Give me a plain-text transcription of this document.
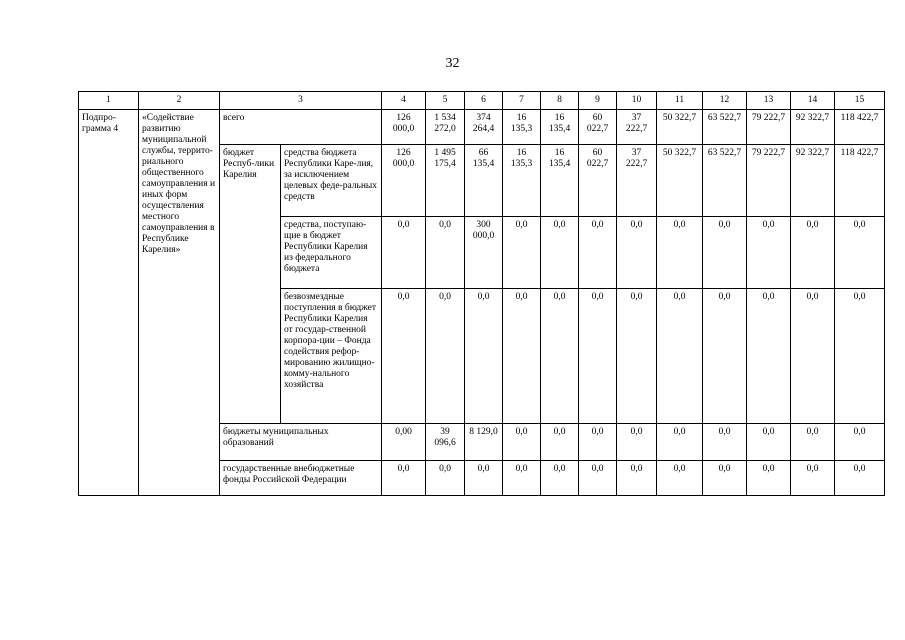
32
1	2	3		4	5	6	7	8	9	10	11	12	13	14	15
Подпро-грамма 4	«Содействие развитию муниципальной службы, террито-риального общественного самоуправления и иных форм осуществления местного самоуправления в Республике Карелия»	всего		126 000,0	1 534 272,0	374 264,4	16 135,3	16 135,4	60 022,7	37 222,7	50 322,7	63 522,7	79 222,7	92 322,7	118 422,7
		бюджет Респуб-лики Карелия	средства бюджета Республики Каре-лия, за исключением целевых феде-ральных средств	126 000,0	1 495 175,4	66 135,4	16 135,3	16 135,4	60 022,7	37 222,7	50 322,7	63 522,7	79 222,7	92 322,7	118 422,7
			средства, поступаю-щие в бюджет Республики Карелия из федерального бюджета	0,0	0,0	300 000,0	0,0	0,0	0,0	0,0	0,0	0,0	0,0	0,0	0,0
			безвозмездные поступления в бюджет Республики Карелия от государ-ственной корпора-ции – Фонда содействия рефор-мированию жилищно-комму-нального хозяйства	0,0	0,0	0,0	0,0	0,0	0,0	0,0	0,0	0,0	0,0	0,0	0,0
		бюджеты муниципальных образований		0,00	39 096,6	8 129,0	0,0	0,0	0,0	0,0	0,0	0,0	0,0	0,0	0,0
		государственные внебюджетные фонды Российской Федерации		0,0	0,0	0,0	0,0	0,0	0,0	0,0	0,0	0,0	0,0	0,0	0,0
